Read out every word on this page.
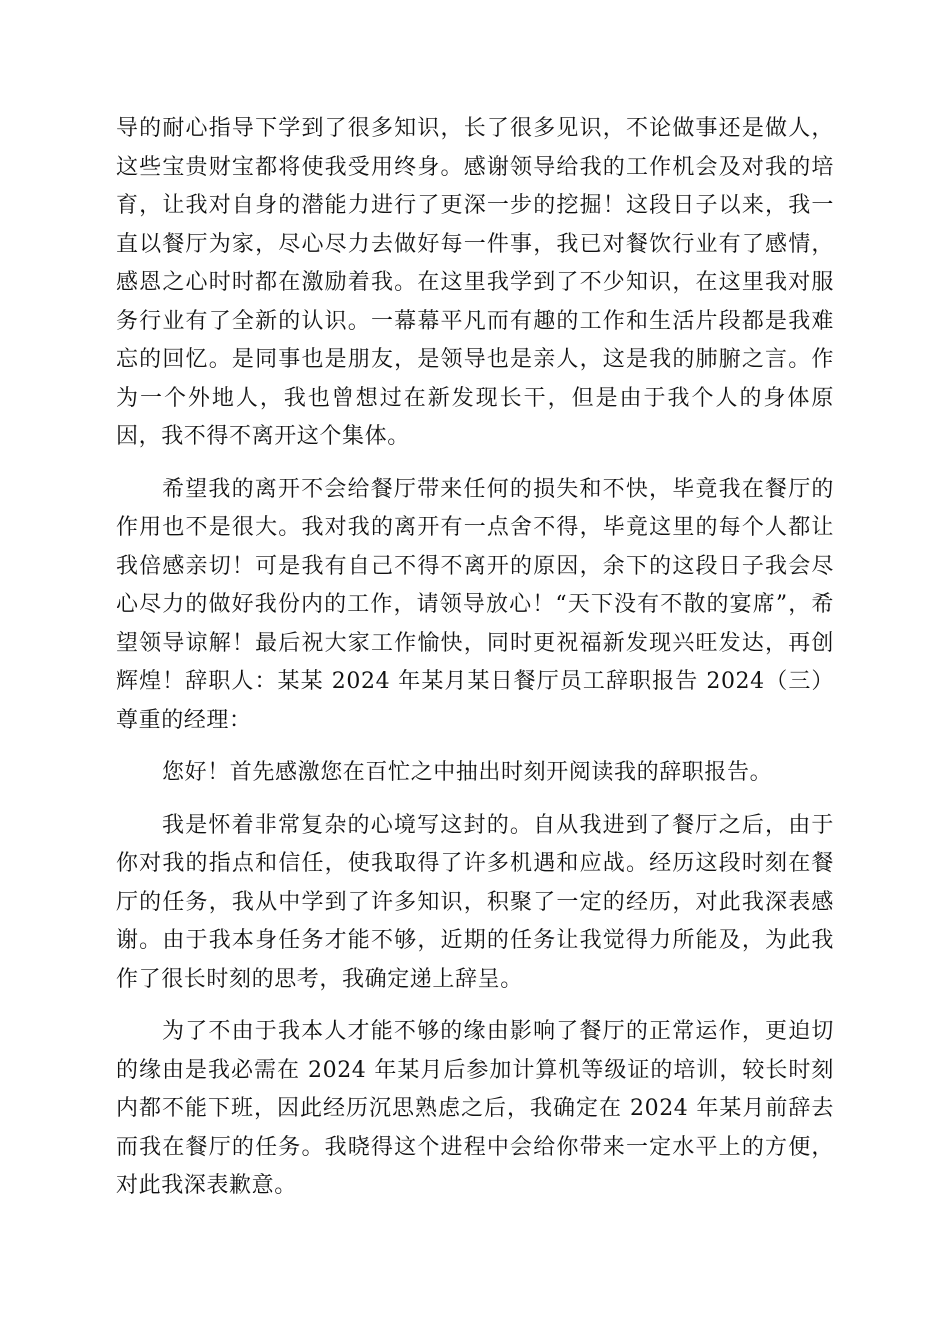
导的耐心指导下学到了很多知识，长了很多见识，不论做事还是做人，这些宝贵财宝都将使我受用终身。感谢领导给我的工作机会及对我的培育，让我对自身的潜能力进行了更深一步的挖掘！这段日子以来，我一直以餐厅为家，尽心尽力去做好每一件事，我已对餐饮行业有了感情，感恩之心时时都在激励着我。在这里我学到了不少知识，在这里我对服务行业有了全新的认识。一幕幕平凡而有趣的工作和生活片段都是我难忘的回忆。是同事也是朋友，是领导也是亲人，这是我的肺腑之言。作为一个外地人，我也曾想过在新发现长干，但是由于我个人的身体原因，我不得不离开这个集体。

希望我的离开不会给餐厅带来任何的损失和不快，毕竟我在餐厅的作用也不是很大。我对我的离开有一点舍不得，毕竟这里的每个人都让我倍感亲切！可是我有自己不得不离开的原因，余下的这段日子我会尽心尽力的做好我份内的工作，请领导放心！“天下没有不散的宴席”，希望领导谅解！最后祝大家工作愉快，同时更祝福新发现兴旺发达，再创辉煌！辞职人：某某 2024 年某月某日餐厅员工辞职报告 2024（三）尊重的经理：

您好！首先感激您在百忙之中抽出时刻开阅读我的辞职报告。

我是怀着非常复杂的心境写这封的。自从我进到了餐厅之后，由于你对我的指点和信任，使我取得了许多机遇和应战。经历这段时刻在餐厅的任务，我从中学到了许多知识，积聚了一定的经历，对此我深表感谢。由于我本身任务才能不够，近期的任务让我觉得力所能及，为此我作了很长时刻的思考，我确定递上辞呈。

为了不由于我本人才能不够的缘由影响了餐厅的正常运作，更迫切的缘由是我必需在 2024 年某月后参加计算机等级证的培训，较长时刻内都不能下班，因此经历沉思熟虑之后，我确定在 2024 年某月前辞去而我在餐厅的任务。我晓得这个进程中会给你带来一定水平上的方便，对此我深表歉意。
